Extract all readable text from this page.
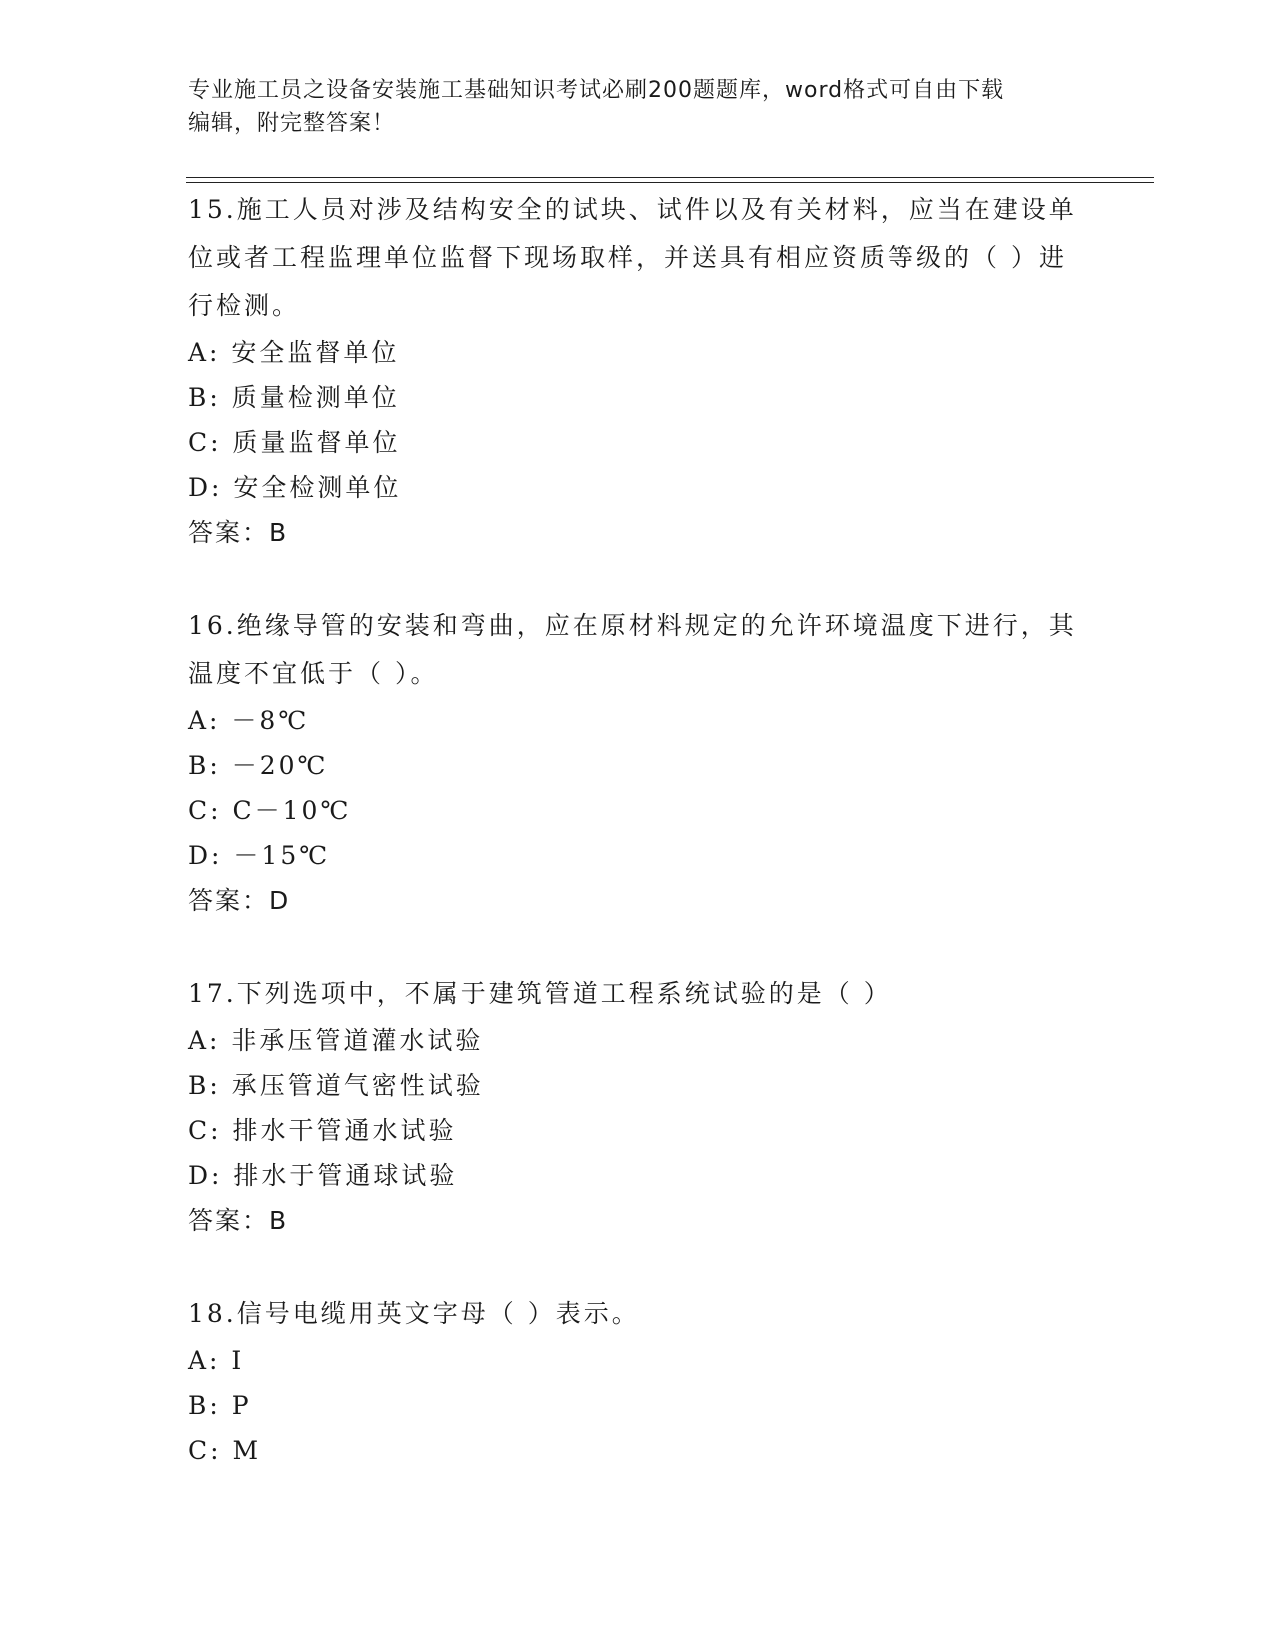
专业施工员之设备安装施工基础知识考试必刷200题题库，word格式可自由下载
编辑，附完整答案！
15.施工人员对涉及结构安全的试块、试件以及有关材料，应当在建设单位或者工程监理单位监督下现场取样，并送具有相应资质等级的（ ）进行检测。
A: 安全监督单位
B: 质量检测单位
C: 质量监督单位
D: 安全检测单位
答案：B
16.绝缘导管的安装和弯曲，应在原材料规定的允许环境温度下进行，其温度不宜低于（ ）。
A: －8℃
B: －20℃
C: C－10℃
D: －15℃
答案：D
17.下列选项中，不属于建筑管道工程系统试验的是（ ）
A: 非承压管道灌水试验
B: 承压管道气密性试验
C: 排水干管通水试验
D: 排水于管通球试验
答案：B
18.信号电缆用英文字母（ ）表示。
A: I
B: P
C: M
